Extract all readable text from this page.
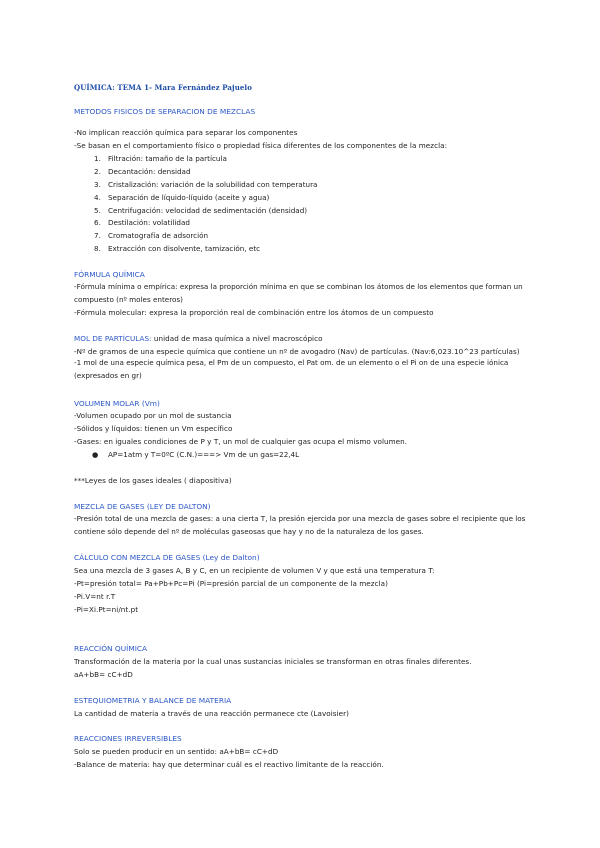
QUÍMICA: TEMA 1- Mara Fernández Pajuelo
METODOS FISICOS DE SEPARACION DE MEZCLAS
-No implican reacción química para separar los componentes
-Se basan en el comportamiento físico o propiedad física diferentes de los componentes de la mezcla:
1. Filtración: tamaño de la partícula
2. Decantación: densidad
3. Cristalización: variación de la solubilidad con temperatura
4. Separación de líquido-líquido (aceite y agua)
5. Centrifugación: velocidad de sedimentación (densidad)
6. Destilación: volatilidad
7. Cromatografía de adsorción
8. Extracción con disolvente, tamización, etc
FÓRMULA QUÍMICA
-Fórmula mínima o empírica: expresa la proporción mínima en que se combinan los átomos de los elementos que forman un compuesto (nº moles enteros)
-Fórmula molecular: expresa la proporción real de combinación entre los átomos de un compuesto
MOL DE PARTÍCULAS: unidad de masa química a nivel macroscópico
-Nº de gramos de una especie química que contiene un nº de avogadro (Nav) de partículas. (Nav:6,023.10^23 partículas)
-1 mol de una especie química pesa, el Pm de un compuesto, el Pat om. de un elemento o el Pi on de una especie iónica (expresados en gr)
VOLUMEN MOLAR (Vm)
-Volumen ocupado por un mol de sustancia
-Sólidos y líquidos: tienen un Vm específico
-Gases: en iguales condiciones de P y T, un mol de cualquier gas ocupa el mismo volumen.
● AP=1atm y T=0ºC (C.N.)===> Vm de un gas=22,4L
***Leyes de los gases ideales ( diapositiva)
MEZCLA DE GASES (LEY DE DALTON)
-Presión total de una mezcla de gases: a una cierta T, la presión ejercida por una mezcla de gases sobre el recipiente que los contiene sólo depende del nº de moléculas gaseosas que hay y no de la naturaleza de los gases.
CÁLCULO CON MEZCLA DE GASES (Ley de Dalton)
Sea una mezcla de 3 gases A, B y C, en un recipiente de volumen V y que está una temperatura T:
-Pt=presión total= Pa+Pb+Pc=Pi (Pi=presión parcial de un componente de la mezcla)
-Pi.V=nt r.T
-Pi=Xi.Pt=ni/nt.pt
REACCIÓN QUÍMICA
Transformación de la materia por la cual unas sustancias iniciales se transforman en otras finales diferentes.
aA+bB= cC+dD
ESTEQUIOMETRIA Y BALANCE DE MATERIA
La cantidad de materia a través de una reacción permanece cte (Lavoisier)
REACCIONES IRREVERSIBLES
Solo se pueden producir en un sentido: aA+bB= cC+dD
-Balance de materia: hay que determinar cuál es el reactivo limitante de la reacción.
